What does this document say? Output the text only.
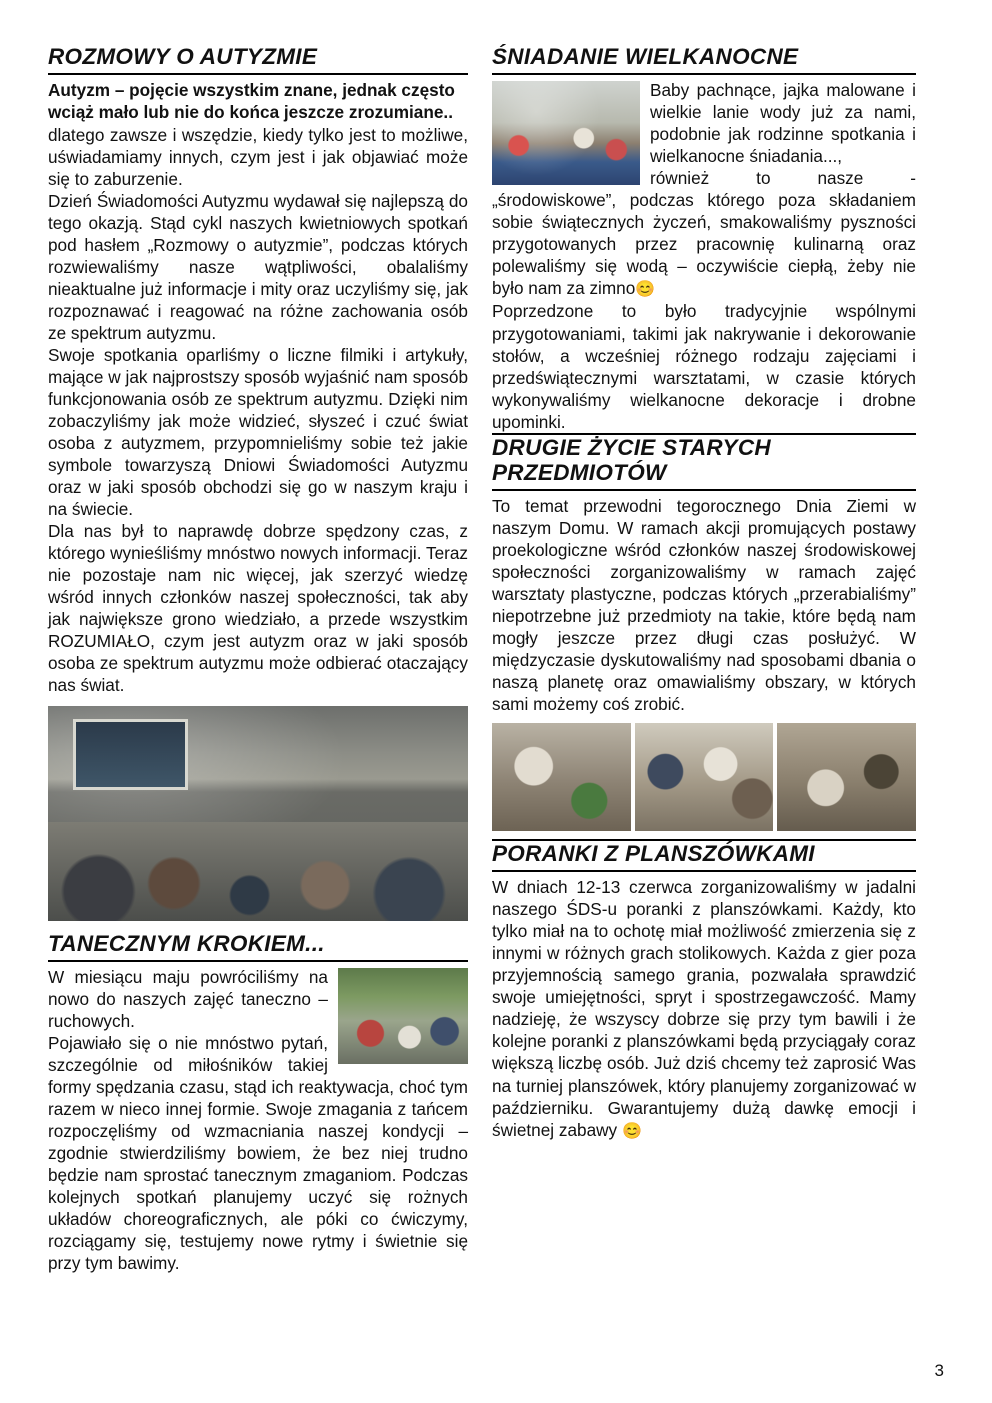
ROZMOWY O AUTYZMIE

Autyzm – pojęcie wszystkim znane, jednak często wciąż mało lub nie do końca jeszcze zrozumiane..

dlatego zawsze i wszędzie, kiedy tylko jest to możliwe, uświadamiamy innych, czym jest i jak objawiać może się to zaburzenie.

Dzień Świadomości Autyzmu wydawał się najlepszą do tego okazją. Stąd cykl naszych kwietniowych spotkań pod hasłem „Rozmowy o autyzmie”, podczas których rozwiewaliśmy nasze wątpliwości, obalaliśmy nieaktualne już informacje i mity oraz uczyliśmy się, jak rozpoznawać i reagować na różne zachowania osób ze spektrum autyzmu.

Swoje spotkania oparliśmy o liczne filmiki i artykuły, mające w jak najprostszy sposób wyjaśnić nam sposób funkcjonowania osób ze spektrum autyzmu. Dzięki nim zobaczyliśmy jak może widzieć, słyszeć i czuć świat osoba z autyzmem, przypomnieliśmy sobie też jakie symbole towarzyszą Dniowi Świadomości Autyzmu oraz w jaki sposób obchodzi się go w naszym kraju i na świecie.

Dla nas był to naprawdę dobrze spędzony czas, z którego wynieśliśmy mnóstwo nowych informacji. Teraz nie pozostaje nam nic więcej, jak szerzyć wiedzę wśród innych członków naszej społeczności, tak aby jak największe grono wiedziało, a przede wszystkim ROZUMIAŁO, czym jest autyzm oraz w jaki sposób osoba ze spektrum autyzmu może odbierać otaczający nas świat.

TANECZNYM KROKIEM...

W miesiącu maju powróciliśmy na nowo do naszych zajęć taneczno – ruchowych.

Pojawiało się o nie mnóstwo pytań, szczególnie od miłośników takiej formy spędzania czasu, stąd ich reaktywacja, choć tym razem w nieco innej formie. Swoje zmagania z tańcem rozpoczęliśmy od wzmacniania naszej kondycji – zgodnie stwierdziliśmy bowiem, że bez niej trudno będzie nam sprostać tanecznym zmaganiom. Podczas kolejnych spotkań planujemy uczyć się rożnych układów choreograficznych, ale póki co ćwiczymy, rozciągamy się, testujemy nowe rytmy i świetnie się przy tym bawimy.

ŚNIADANIE WIELKANOCNE

Baby pachnące, jajka malowane i wielkie lanie wody już za nami, podobnie jak rodzinne spotkania i wielkanocne śniadania...,

również to nasze - „środowiskowe”, podczas którego poza składaniem sobie świątecznych życzeń, smakowaliśmy pyszności przygotowanych przez pracownię kulinarną oraz polewaliśmy się wodą – oczywiście ciepłą, żeby nie było nam za zimno😊

Poprzedzone to było tradycyjnie wspólnymi przygotowaniami, takimi jak nakrywanie i dekorowanie stołów, a wcześniej różnego rodzaju zajęciami i przedświątecznymi warsztatami, w czasie których wykonywaliśmy wielkanocne dekoracje i drobne upominki.

DRUGIE ŻYCIE STARYCH PRZEDMIOTÓW

To temat przewodni tegorocznego Dnia Ziemi w naszym Domu. W ramach akcji promujących postawy proekologiczne wśród członków naszej środowiskowej społeczności zorganizowaliśmy w ramach zajęć warsztaty plastyczne, podczas których „przerabialiśmy” niepotrzebne już przedmioty na takie, które będą nam mogły jeszcze przez długi czas posłużyć. W międzyczasie dyskutowaliśmy nad sposobami dbania o naszą planetę oraz omawialiśmy obszary, w których sami możemy coś zrobić.

PORANKI Z PLANSZÓWKAMI

W dniach 12-13 czerwca zorganizowaliśmy w jadalni naszego ŚDS-u poranki z planszówkami. Każdy, kto tylko miał na to ochotę miał możliwość zmierzenia się z innymi w różnych grach stolikowych. Każda z gier poza przyjemnością samego grania, pozwalała sprawdzić swoje umiejętności, spryt i spostrzegawczość. Mamy nadzieję, że wszyscy dobrze się przy tym bawili i że kolejne poranki z planszówkami będą przyciągały coraz większą liczbę osób. Już dziś chcemy też zaprosić Was na turniej planszówek, który planujemy zorganizować w październiku. Gwarantujemy dużą dawkę emocji i świetnej zabawy 😊

3
